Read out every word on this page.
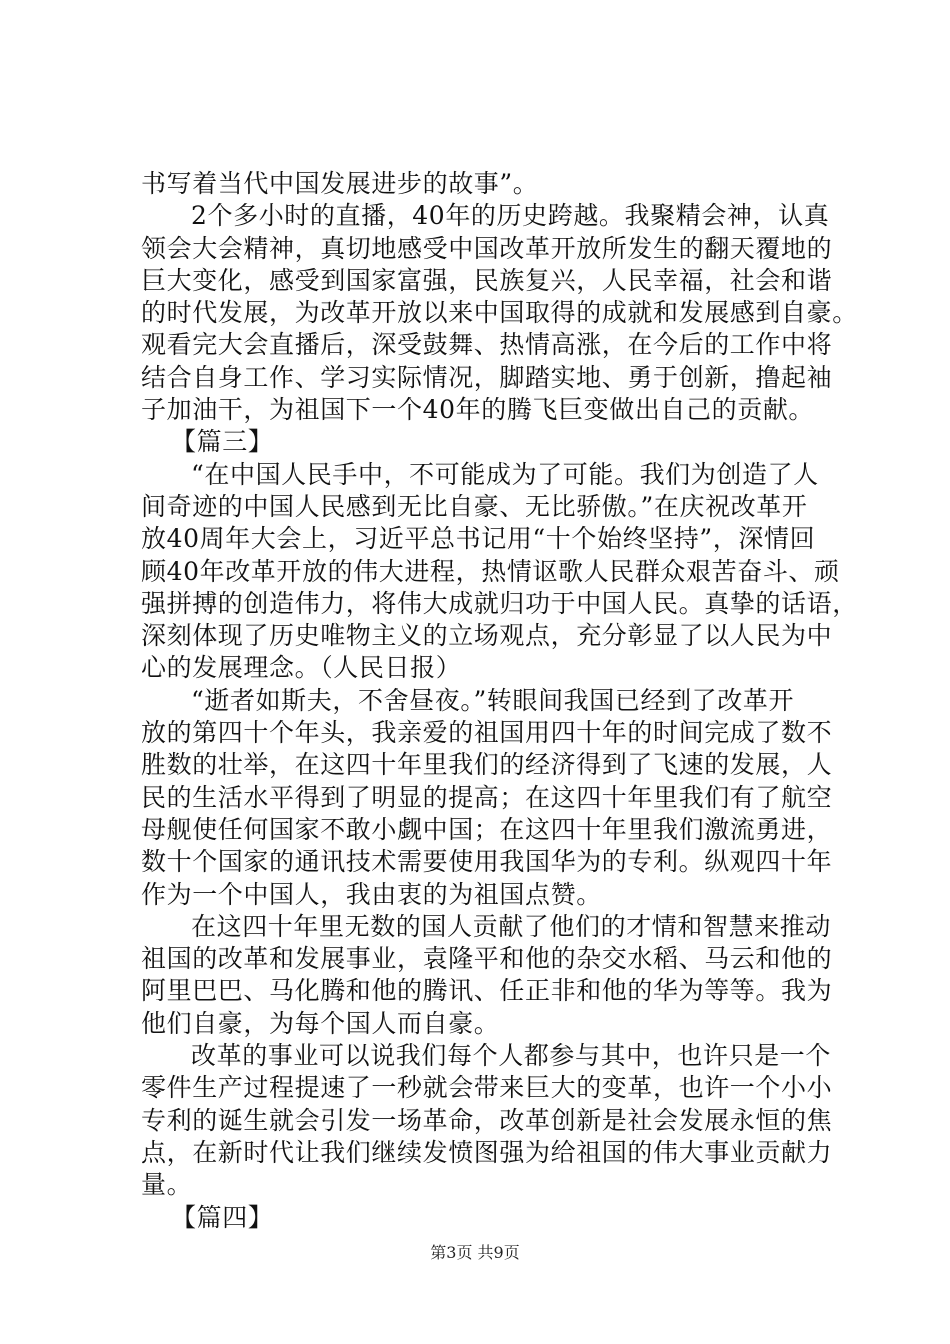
书写着当代中国发展进步的故事”。
2个多小时的直播，40年的历史跨越。我聚精会神，认真
领会大会精神，真切地感受中国改革开放所发生的翻天覆地的
巨大变化，感受到国家富强，民族复兴，人民幸福，社会和谐
的时代发展，为改革开放以来中国取得的成就和发展感到自豪。
观看完大会直播后，深受鼓舞、热情高涨，在今后的工作中将
结合自身工作、学习实际情况，脚踏实地、勇于创新，撸起袖
子加油干，为祖国下一个40年的腾飞巨变做出自己的贡献。
【篇三】
“在中国人民手中，不可能成为了可能。我们为创造了人
间奇迹的中国人民感到无比自豪、无比骄傲。”在庆祝改革开
放40周年大会上，习近平总书记用“十个始终坚持”，深情回
顾40年改革开放的伟大进程，热情讴歌人民群众艰苦奋斗、顽
强拼搏的创造伟力，将伟大成就归功于中国人民。真挚的话语，
深刻体现了历史唯物主义的立场观点，充分彰显了以人民为中
心的发展理念。（人民日报）
“逝者如斯夫，不舍昼夜。”转眼间我国已经到了改革开
放的第四十个年头，我亲爱的祖国用四十年的时间完成了数不
胜数的壮举，在这四十年里我们的经济得到了飞速的发展，人
民的生活水平得到了明显的提高；在这四十年里我们有了航空
母舰使任何国家不敢小觑中国；在这四十年里我们激流勇进，
数十个国家的通讯技术需要使用我国华为的专利。纵观四十年
作为一个中国人，我由衷的为祖国点赞。
在这四十年里无数的国人贡献了他们的才情和智慧来推动
祖国的改革和发展事业，袁隆平和他的杂交水稻、马云和他的
阿里巴巴、马化腾和他的腾讯、任正非和他的华为等等。我为
他们自豪，为每个国人而自豪。
改革的事业可以说我们每个人都参与其中，也许只是一个
零件生产过程提速了一秒就会带来巨大的变革，也许一个小小
专利的诞生就会引发一场革命，改革创新是社会发展永恒的焦
点，在新时代让我们继续发愤图强为给祖国的伟大事业贡献力
量。
【篇四】
第3页 共9页
